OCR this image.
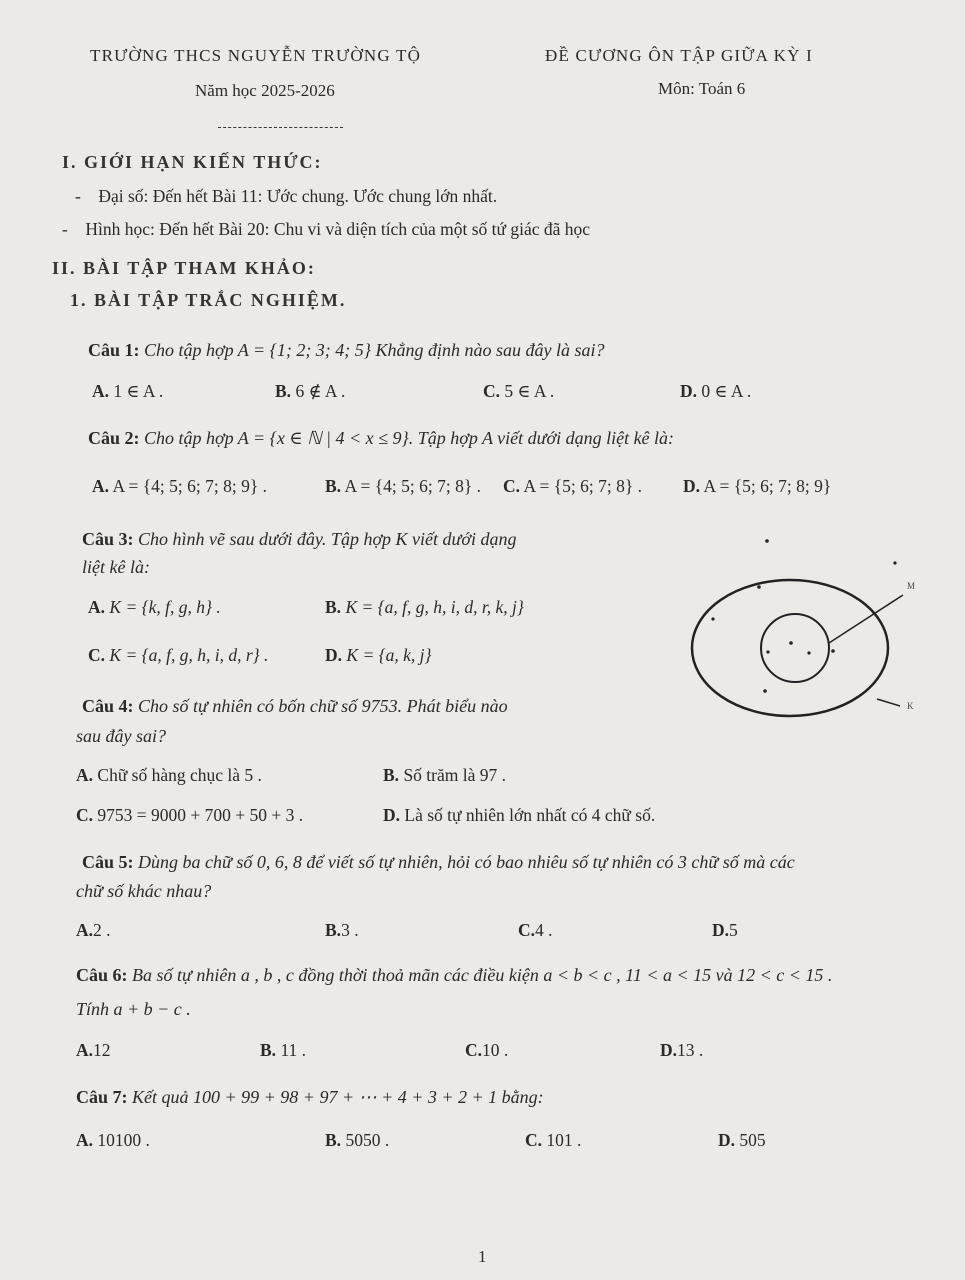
TRƯỜNG THCS NGUYỄN TRƯỜNG TỘ
Năm học 2025-2026
ĐỀ CƯƠNG ÔN TẬP GIỮA KỲ I
Môn: Toán 6
I. GIỚI HẠN KIẾN THỨC:
-    Đại số: Đến hết Bài 11: Ước chung. Ước chung lớn nhất.
-    Hình học: Đến hết Bài 20: Chu vi và diện tích của một số tứ giác đã học
II. BÀI TẬP THAM KHẢO:
1. BÀI TẬP TRẮC NGHIỆM.
Câu 1: Cho tập hợp A = {1; 2; 3; 4; 5} Khẳng định nào sau đây là sai?
A. 1 ∈ A .	B. 6 ∉ A .	C. 5 ∈ A .	D. 0 ∈ A .
Câu 2: Cho tập hợp A = {x ∈ ℕ | 4 < x ≤ 9}. Tập hợp A viết dưới dạng liệt kê là:
A. A = {4; 5; 6; 7; 8; 9} .	B. A = {4; 5; 6; 7; 8} . C. A = {5; 6; 7; 8} . D. A = {5; 6; 7; 8; 9}
Câu 3: Cho hình vẽ sau dưới đây. Tập hợp K viết dưới dạng
liệt kê là:
A. K = {k, f, g, h} .	B. K = {a, f, g, h, i, d, r, k, j}
C. K = {a, f, g, h, i, d, r} .	D. K = {a, k, j}
M
K
Câu 4: Cho số tự nhiên có bốn chữ số 9753. Phát biểu nào
sau đây sai?
A. Chữ số hàng chục là 5 .	B. Số trăm là 97 .
C. 9753 = 9000 + 700 + 50 + 3 .	D. Là số tự nhiên lớn nhất có 4 chữ số.
Câu 5: Dùng ba chữ số 0, 6, 8 để viết số tự nhiên, hỏi có bao nhiêu số tự nhiên có 3 chữ số mà các
chữ số khác nhau?
A.2 .	B.3 .	C.4 .	D.5
Câu 6: Ba số tự nhiên a , b , c đồng thời thoả mãn các điều kiện a < b < c , 11 < a < 15 và 12 < c < 15 .
Tính a + b − c .
A.12	B. 11 .	C.10 .	D.13 .
Câu 7: Kết quả 100 + 99 + 98 + 97 + ⋯ + 4 + 3 + 2 + 1 bằng:
A. 10100 .	B. 5050 .	C. 101 .	D. 505
1
